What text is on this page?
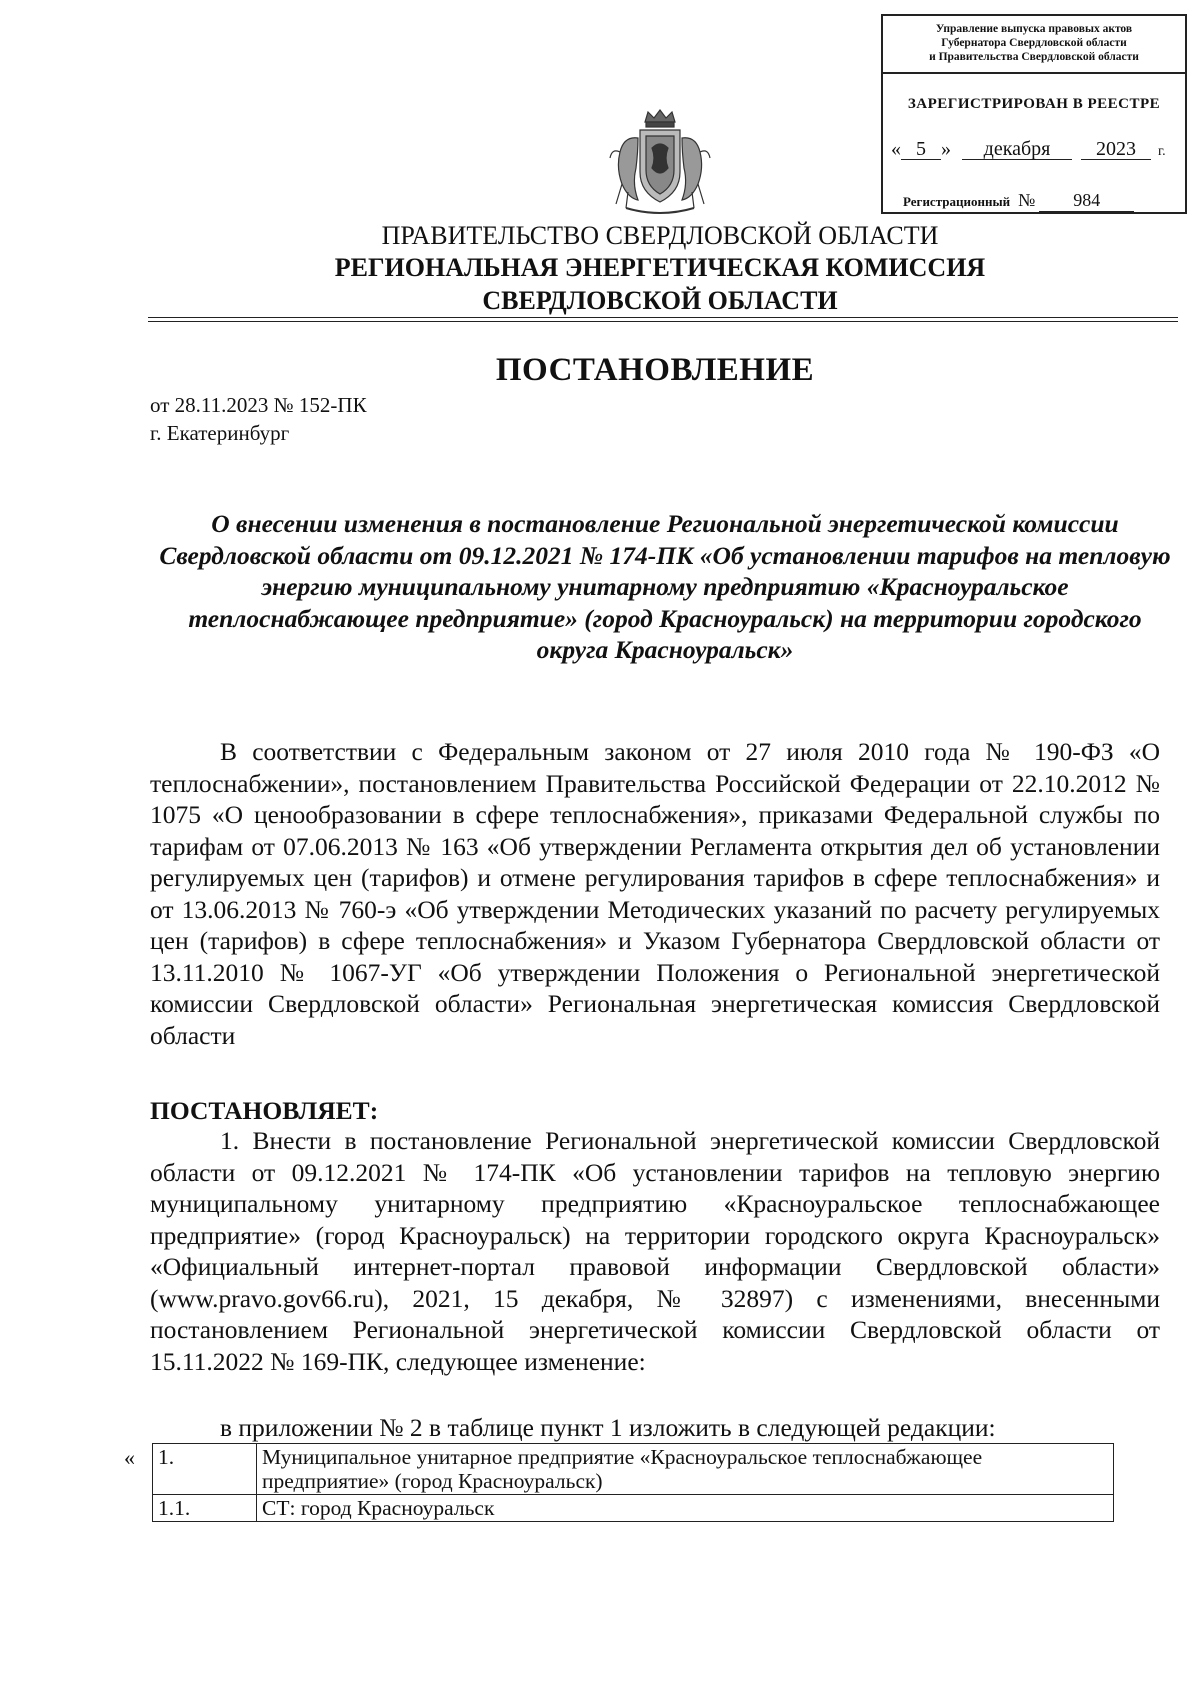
Управление выпуска правовых актов
Губернатора Свердловской области
и Правительства Свердловской области
ЗАРЕГИСТРИРОВАН В РЕЕСТРЕ
« 5 » декабря 2023 г.
Регистрационный № 984
ПРАВИТЕЛЬСТВО СВЕРДЛОВСКОЙ ОБЛАСТИ
РЕГИОНАЛЬНАЯ ЭНЕРГЕТИЧЕСКАЯ КОМИССИЯ
СВЕРДЛОВСКОЙ ОБЛАСТИ
ПОСТАНОВЛЕНИЕ
от 28.11.2023 № 152-ПК
г. Екатеринбург
О внесении изменения в постановление Региональной энергетической комиссии Свердловской области от 09.12.2021 № 174-ПК «Об установлении тарифов на тепловую энергию муниципальному унитарному предприятию «Красноуральское теплоснабжающее предприятие» (город Красноуральск) на территории городского округа Красноуральск»
В соответствии с Федеральным законом от 27 июля 2010 года № 190-ФЗ «О теплоснабжении», постановлением Правительства Российской Федерации от 22.10.2012 № 1075 «О ценообразовании в сфере теплоснабжения», приказами Федеральной службы по тарифам от 07.06.2013 № 163 «Об утверждении Регламента открытия дел об установлении регулируемых цен (тарифов) и отмене регулирования тарифов в сфере теплоснабжения» и от 13.06.2013 № 760-э «Об утверждении Методических указаний по расчету регулируемых цен (тарифов) в сфере теплоснабжения» и Указом Губернатора Свердловской области от 13.11.2010 № 1067-УГ «Об утверждении Положения о Региональной энергетической комиссии Свердловской области» Региональная энергетическая комиссия Свердловской области
ПОСТАНОВЛЯЕТ:
1. Внести в постановление Региональной энергетической комиссии Свердловской области от 09.12.2021 № 174-ПК «Об установлении тарифов на тепловую энергию муниципальному унитарному предприятию «Красноуральское теплоснабжающее предприятие» (город Красноуральск) на территории городского округа Красноуральск» «Официальный интернет-портал правовой информации Свердловской области» (www.pravo.gov66.ru), 2021, 15 декабря, № 32897) с изменениями, внесенными постановлением Региональной энергетической комиссии Свердловской области от 15.11.2022 № 169-ПК, следующее изменение:
в приложении № 2 в таблице пункт 1 изложить в следующей редакции:
« 1.	Муниципальное унитарное предприятие «Красноуральское теплоснабжающее предприятие» (город Красноуральск)
1.1.	СТ: город Красноуральск
